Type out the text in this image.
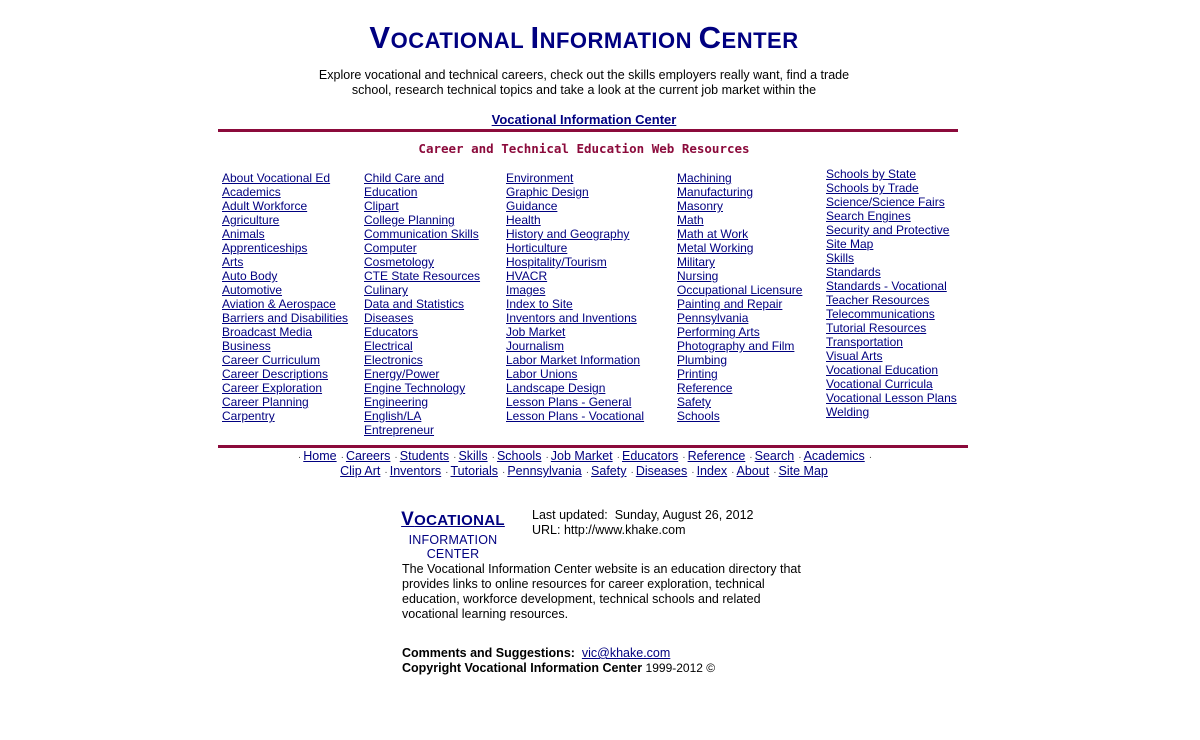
VOCATIONAL INFORMATION CENTER
Explore vocational and technical careers, check out the skills employers really want, find a trade school, research technical topics and take a look at the current job market within the
Vocational Information Center
Career and Technical Education Web Resources
About Vocational Ed
Academics
Adult Workforce
Agriculture
Animals
Apprenticeships
Arts
Auto Body
Automotive
Aviation & Aerospace
Barriers and Disabilities
Broadcast Media
Business
Career Curriculum
Career Descriptions
Career Exploration
Career Planning
Carpentry
Child Care and
Education
Clipart
College Planning
Communication Skills
Computer
Cosmetology
CTE State Resources
Culinary
Data and Statistics
Diseases
Educators
Electrical
Electronics
Energy/Power
Engine Technology
Engineering
English/LA
Entrepreneur
Environment
Graphic Design
Guidance
Health
History and Geography
Horticulture
Hospitality/Tourism
HVACR
Images
Index to Site
Inventors and Inventions
Job Market
Journalism
Labor Market Information
Labor Unions
Landscape Design
Lesson Plans - General
Lesson Plans - Vocational
Machining
Manufacturing
Masonry
Math
Math at Work
Metal Working
Military
Nursing
Occupational Licensure
Painting and Repair
Pennsylvania
Performing Arts
Photography and Film
Plumbing
Printing
Reference
Safety
Schools
Schools by State
Schools by Trade
Science/Science Fairs
Search Engines
Security and Protective
Site Map
Skills
Standards
Standards - Vocational
Teacher Resources
Telecommunications
Tutorial Resources
Transportation
Visual Arts
Vocational Education
Vocational Curricula
Vocational Lesson Plans
Welding
· Home · Careers · Students · Skills · Schools · Job Market · Educators · Reference · Search · Academics ·
Clip Art · Inventors · Tutorials · Pennsylvania · Safety · Diseases · Index · About · Site Map
VOCATIONAL
INFORMATION CENTER
Last updated: Sunday, August 26, 2012
URL: http://www.khake.com
The Vocational Information Center website is an education directory that provides links to online resources for career exploration, technical education, workforce development, technical schools and related vocational learning resources.
Comments and Suggestions: vic@khake.com
Copyright Vocational Information Center 1999-2012 ©
